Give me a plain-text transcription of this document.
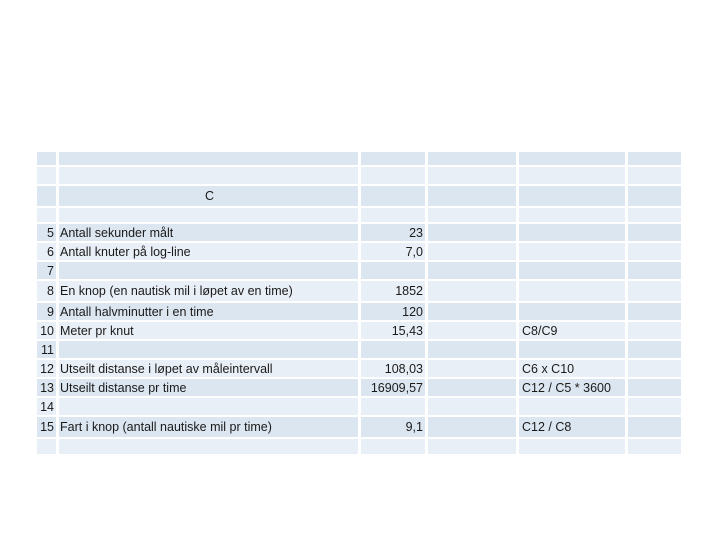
C
5 Antall sekunder målt	23
6 Antall knuter på log-line	7,0
7
8 En knop (en nautisk mil i løpet av en time)	1852
9 Antall halvminutter i en time	120
10 Meter pr knut	15,43	C8/C9
11
12 Utseilt distanse i løpet av måleintervall	108,03	C6 x C10
13 Utseilt distanse pr time	16909,57	C12 / C5 * 3600
14
15 Fart i knop (antall nautiske mil pr time)	9,1	C12 / C8
